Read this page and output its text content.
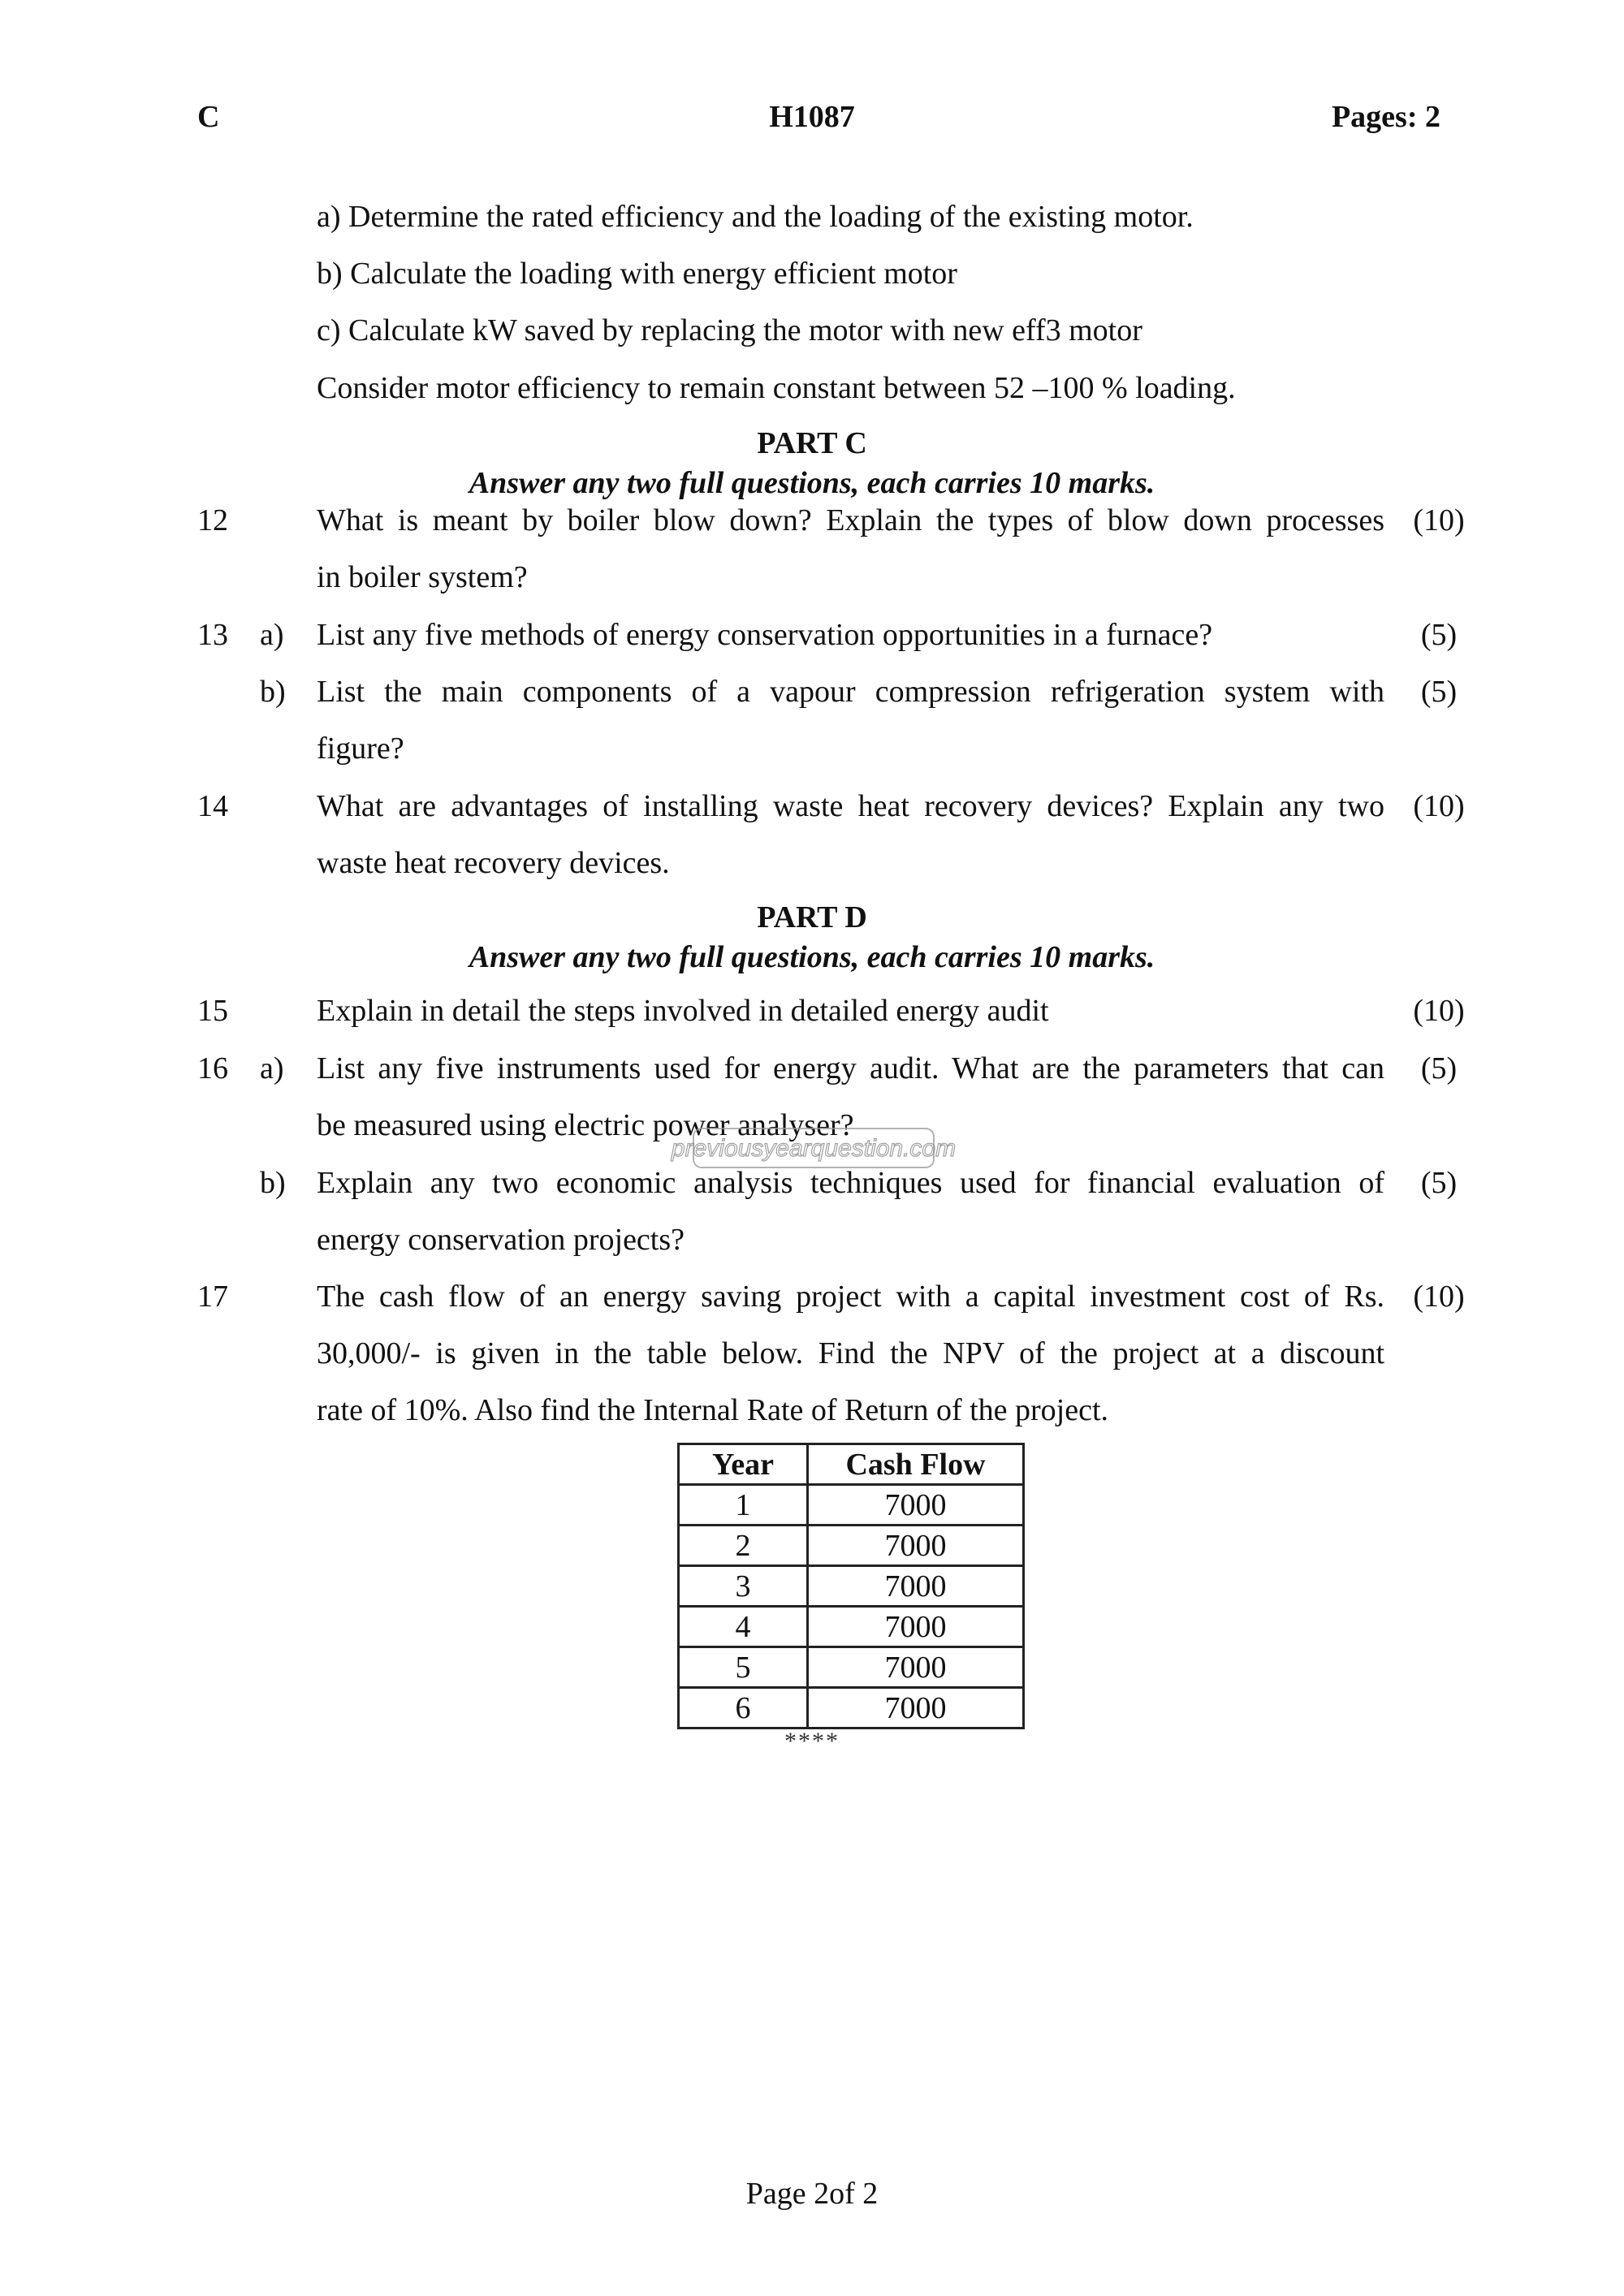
C	H1087	Pages: 2
a) Determine the rated efficiency and the loading of the existing motor.
b) Calculate the loading with energy efficient motor
c) Calculate kW saved by replacing the motor with new eff3 motor
Consider motor efficiency to remain constant between 52 –100 % loading.
PART C
Answer any two full questions, each carries 10 marks.
12	What is meant by boiler blow down? Explain the types of blow down processes (10)
in boiler system?
13 a) List any five methods of energy conservation opportunities in a furnace?	(5)
b) List the main components of a vapour compression refrigeration system with	(5)
figure?
14	What are advantages of installing waste heat recovery devices? Explain any two (10)
waste heat recovery devices.
PART D
Answer any two full questions, each carries 10 marks.
15	Explain in detail the steps involved in detailed energy audit	(10)
16 a) List any five instruments used for energy audit. What are the parameters that can	(5)
be measured using electric power analyser?
previousyearquestion.com
b) Explain any two economic analysis techniques used for financial evaluation of	(5)
energy conservation projects?
17	The cash flow of an energy saving project with a capital investment cost of Rs. (10)
30,000/- is given in the table below. Find the NPV of the project at a discount
rate of 10%. Also find the Internal Rate of Return of the project.
Year	Cash Flow
1	7000
2	7000
3	7000
4	7000
5	7000
6	7000
****
Page 2of 2
